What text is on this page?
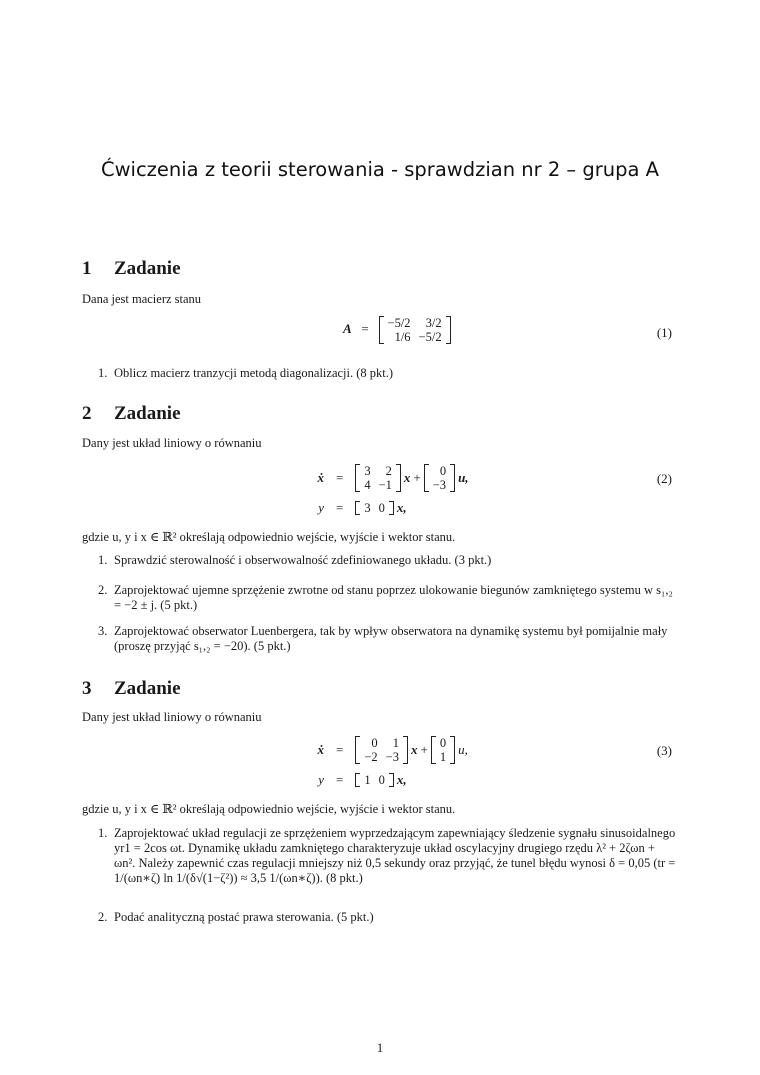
Ćwiczenia z teorii sterowania - sprawdzian nr 2 – grupa A
1 Zadanie
Dana jest macierz stanu
A = −5/2	3/2
1/6	−5/2	(1)
1. Oblicz macierz tranzycji metodą diagonalizacji. (8 pkt.)
2 Zadanie
Dany jest układ liniowy o równaniu
ẋ = 3	2
4	−1 x + 0
−3 u,
y = 3	0 x,
(2)
gdzie u, y i x ∈ ℝ² określają odpowiednio wejście, wyjście i wektor stanu.
1. Sprawdzić sterowalność i obserwowalność zdefiniowanego układu. (3 pkt.)
2. Zaprojektować ujemne sprzężenie zwrotne od stanu poprzez ulokowanie biegunów zamkniętego systemu w s₁,₂ = −2 ± j. (5 pkt.)
3. Zaprojektować obserwator Luenbergera, tak by wpływ obserwatora na dynamikę systemu był pomijalnie mały (proszę przyjąć s₁,₂ = −20). (5 pkt.)
3 Zadanie
Dany jest układ liniowy o równaniu
ẋ = 0	1
−2	−3 x + 0
1 u,
y = 1	0 x,
(3)
gdzie u, y i x ∈ ℝ² określają odpowiednio wejście, wyjście i wektor stanu.
1. Zaprojektować układ regulacji ze sprzężeniem wyprzedzającym zapewniający śledzenie sygnału sinusoidalnego yr1 = 2cos ωt. Dynamikę układu zamkniętego charakteryzuje układ oscylacyjny drugiego rzędu λ² + 2ζωn + ωn². Należy zapewnić czas regulacji mniejszy niż 0,5 sekundy oraz przyjąć, że tunel błędu wynosi δ = 0,05 (tr = 1/(ωn∗ζ) ln 1/(δ√(1−ζ²)) ≈ 3,5 1/(ωn∗ζ)). (8 pkt.)
2. Podać analityczną postać prawa sterowania. (5 pkt.)
1
